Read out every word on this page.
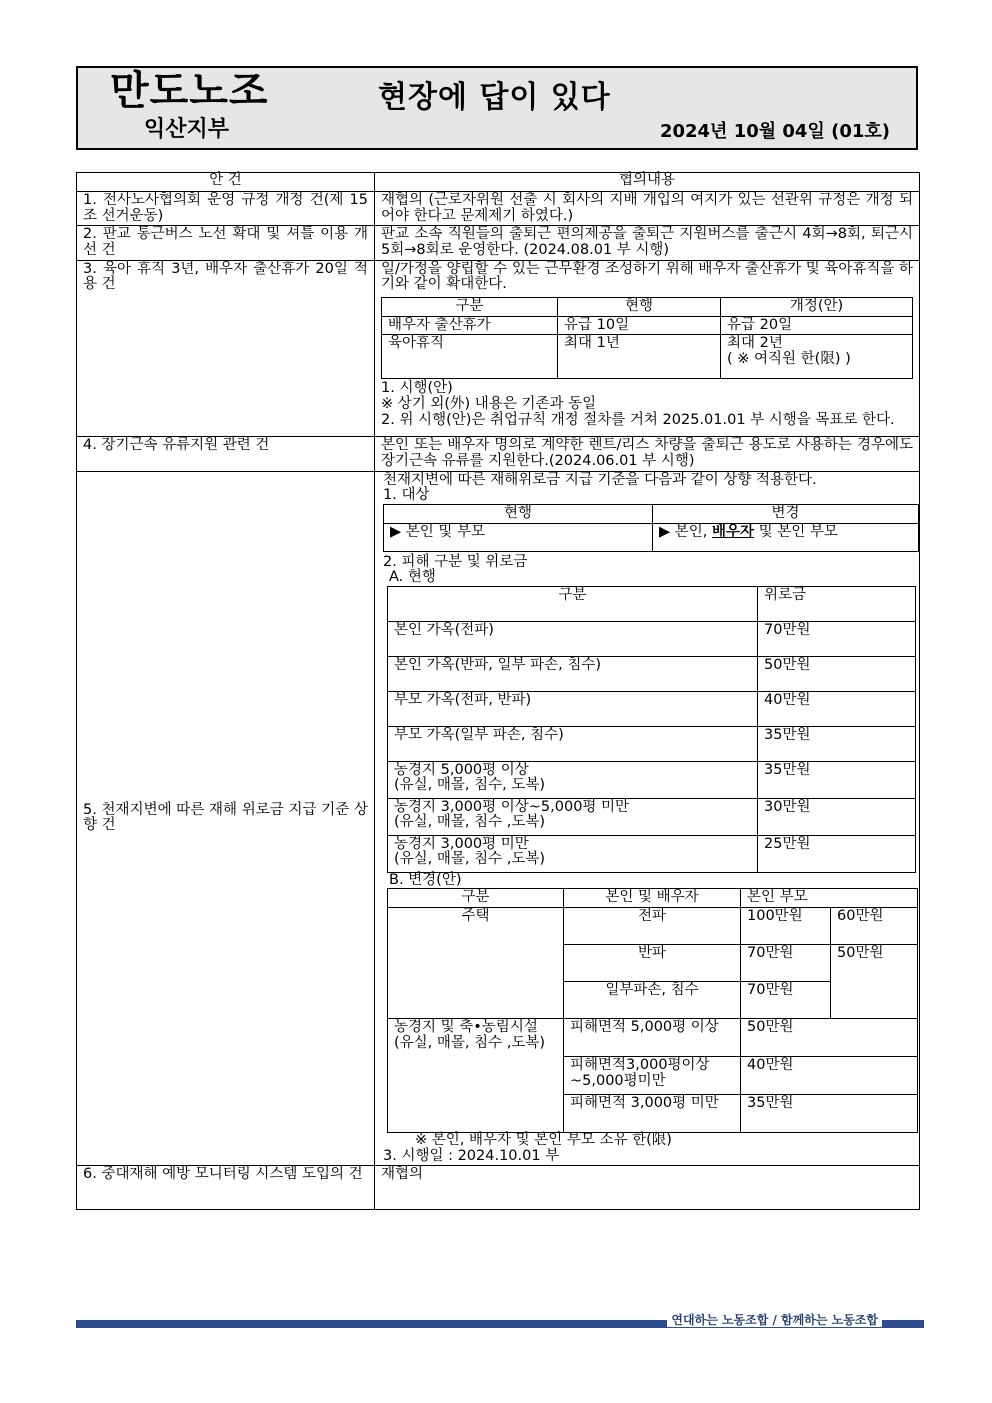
만도노조
익산지부
현장에 답이 있다
2024년 10월 04일 (01호)
안 건	협의내용
1. 전사노사협의회 운영 규정 개정 건(제 15조 선거운동)	재협의 (근로자위원 선출 시 회사의 지배 개입의 여지가 있는 선관위 규정은 개정 되어야 한다고 문제제기 하였다.)
2. 판교 통근버스 노선 확대 및 셔틀 이용 개선 건	판교 소속 직원들의 출퇴근 편의제공을 출퇴근 지원버스를 출근시 4회→8회, 퇴근시 5회→8회로 운영한다. (2024.08.01 부 시행)
3. 육아 휴직 3년, 배우자 출산휴가 20일 적용 건	
일/가정을 양립할 수 있는 근무환경 조성하기 위해 배우자 출산휴가 및 육아휴직을 하기와 같이 확대한다.
구분	현행	개정(안)
배우자 출산휴가	유급 10일	유급 20일
육아휴직	최대 1년	최대 2년
( ※ 여직원 한(限) )
1. 시행(안)
※ 상기 외(外) 내용은 기존과 동일
2. 위 시행(안)은 취업규칙 개정 절차를 거쳐 2025.01.01 부 시행을 목표로 한다.

4. 장기근속 유류지원 관련 건	본인 또는 배우자 명의로 계약한 렌트/리스 차량을 출퇴근 용도로 사용하는 경우에도 장기근속 유류를 지원한다.(2024.06.01 부 시행)

5. 천재지변에 따른 재해 위로금 지급 기준 상향 건

천재지변에 따른 재해위로금 지급 기준을 다음과 같이 상향 적용한다.
1. 대상
현행	변경
▶ 본인 및 부모	▶ 본인, 배우자 및 본인 부모
2. 피해 구분 및 위로금
A. 현행
구분	위로금
본인 가옥(전파)	70만원
본인 가옥(반파, 일부 파손, 침수)	50만원
부모 가옥(전파, 반파)	40만원
부모 가옥(일부 파손, 침수)	35만원

농경지 5,000평 이상
(유실, 매몰, 침수, 도복)
	35만원

농경지 3,000평 이상~5,000평 미만
(유실, 매몰, 침수 ,도복)
	30만원

농경지 3,000평 미만
(유실, 매몰, 침수 ,도복)
	25만원
B. 변경(안)
구분	본인 및 배우자	본인 부모
주택	전파	100만원	60만원
반파	70만원	50만원
일부파손, 침수	70만원

농경지 및 축•농림시설
(유실, 매몰, 침수 ,도복)
	피해면적 5,000평 이상	50만원
피해면적3,000평이상~5,000평미만	40만원
피해면적 3,000평 미만	35만원
※ 본인, 배우자 및 본인 부모 소유 한(限)
3. 시행일 : 2024.10.01 부

6. 중대재해 예방 모니터링 시스템 도입의 건	재협의
연대하는 노동조합 / 함께하는 노동조합
